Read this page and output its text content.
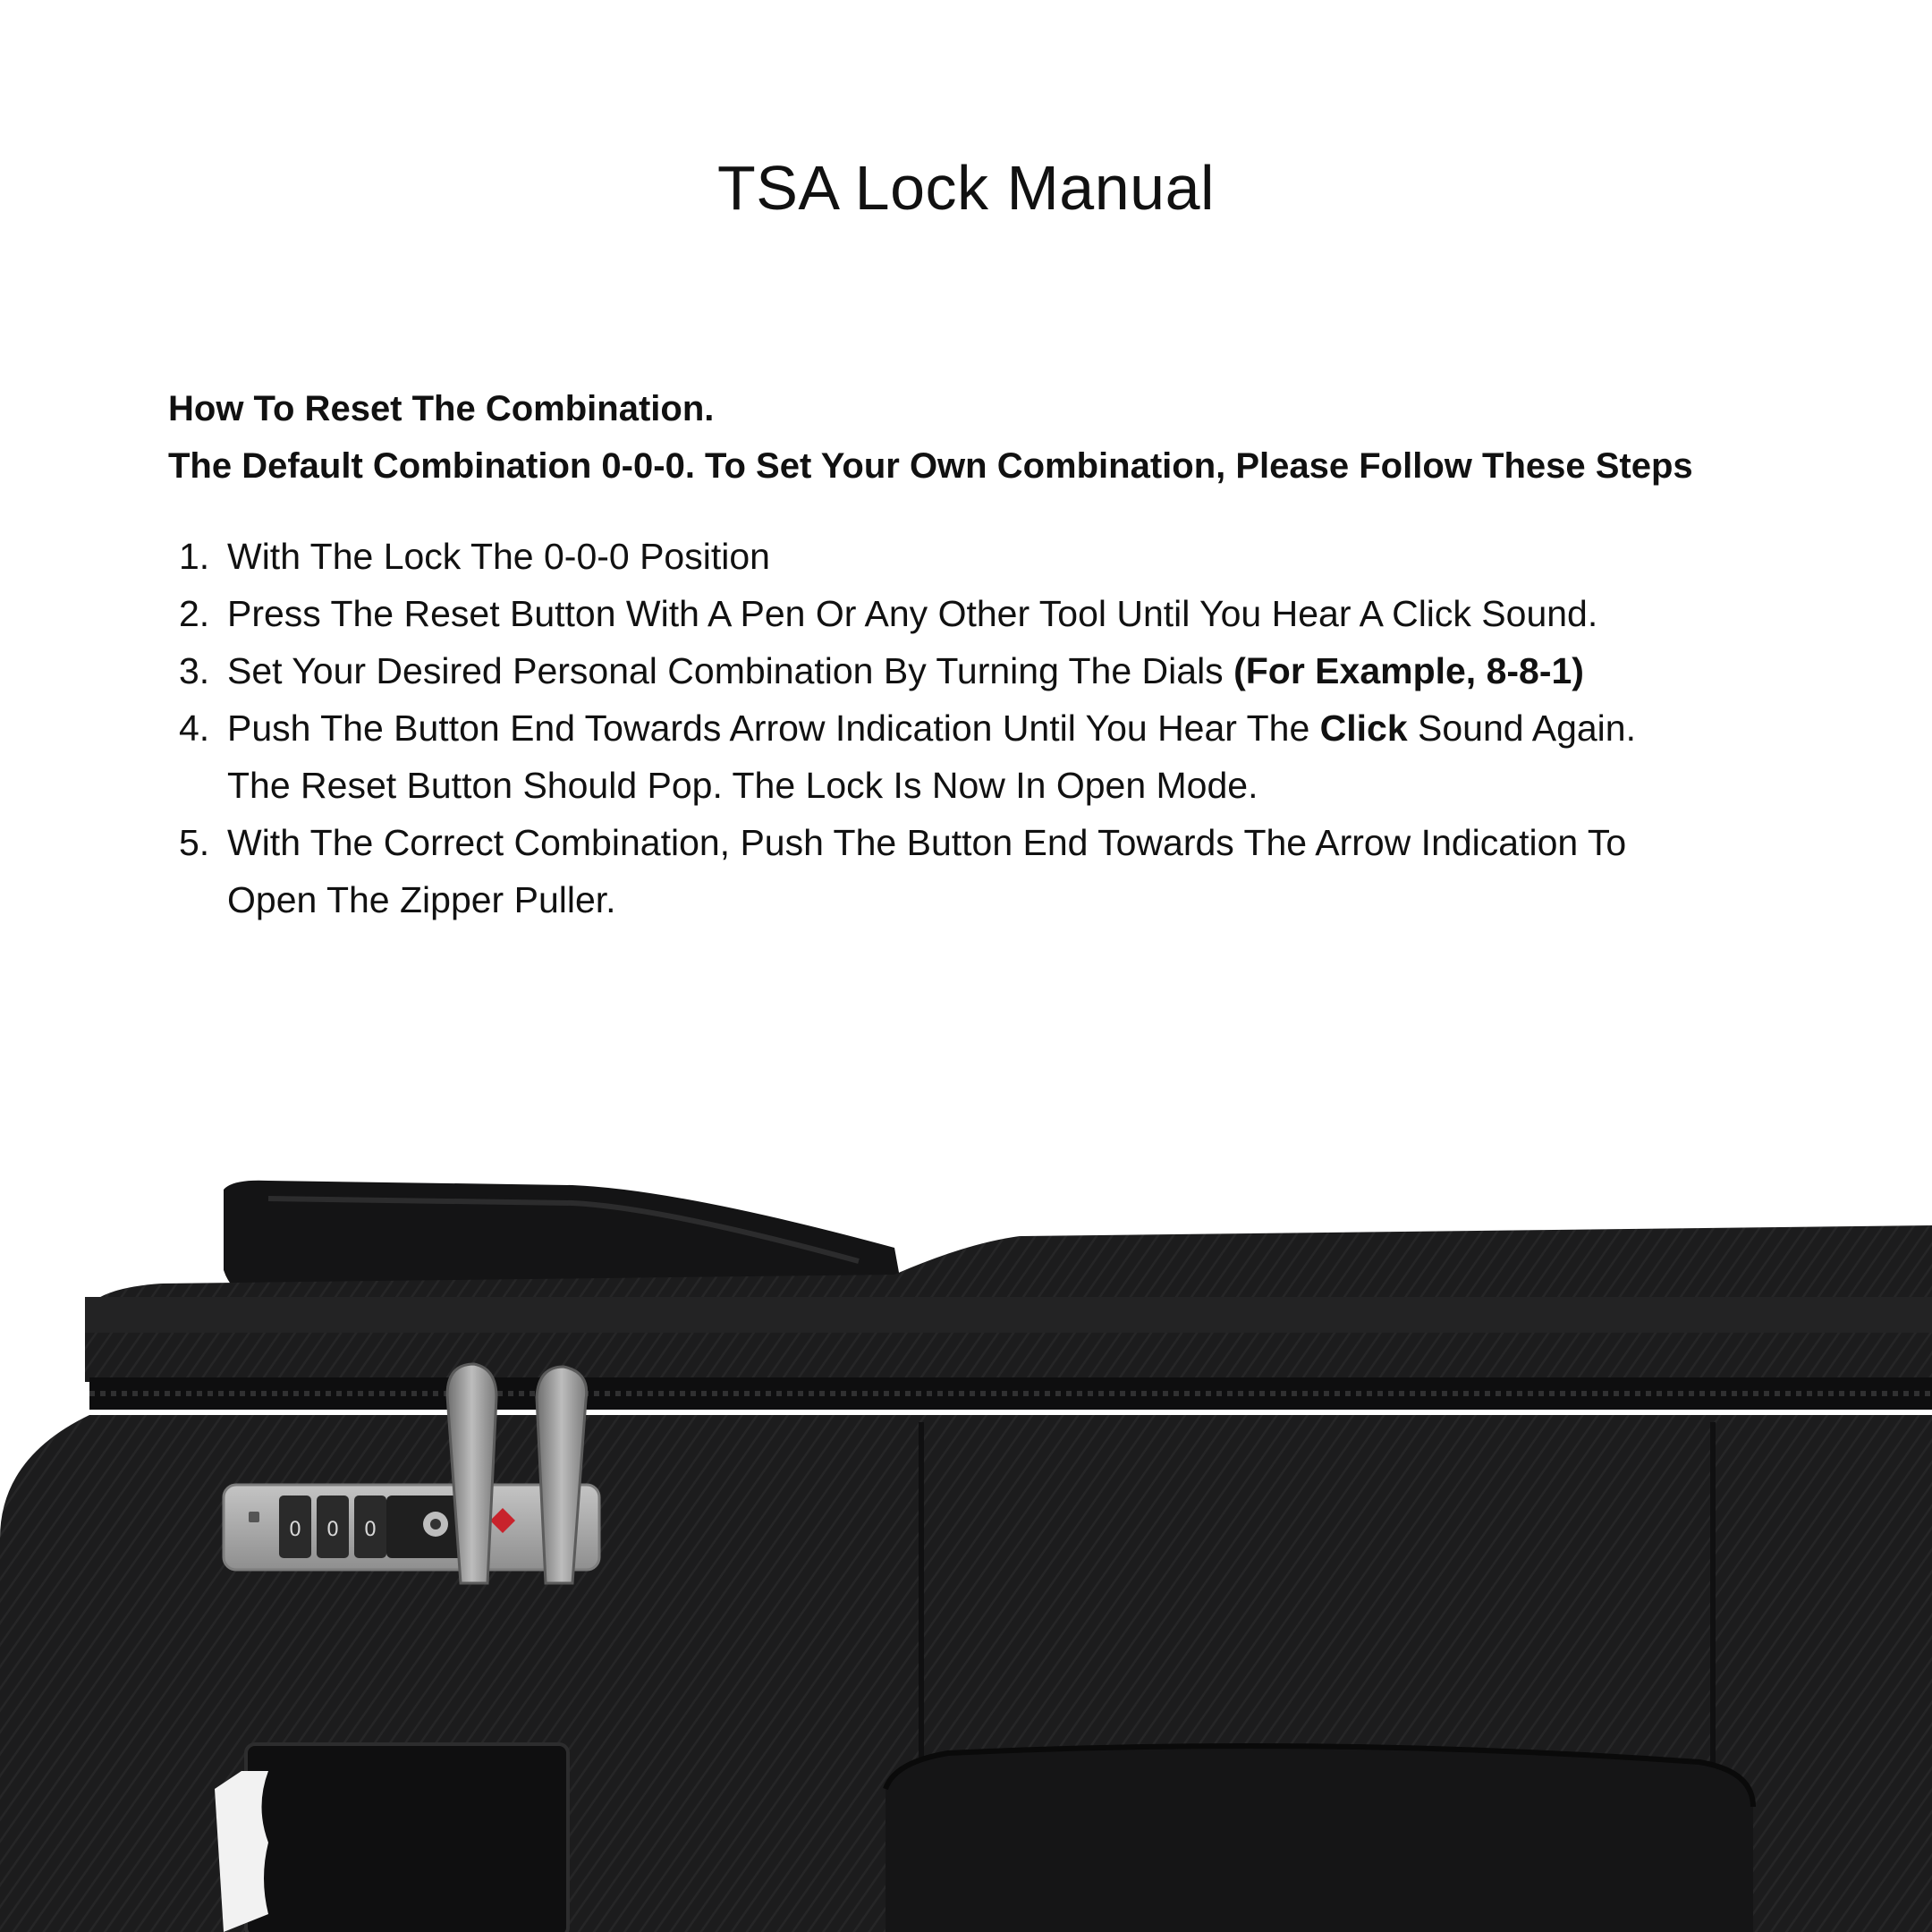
TSA Lock Manual
How To Reset The Combination.
The Default Combination 0-0-0. To Set Your Own Combination, Please Follow These Steps
1. With The Lock The 0-0-0 Position
2. Press The Reset Button With A Pen Or Any Other Tool Until You Hear A Click Sound.
3. Set Your Desired Personal Combination By Turning The Dials (For Example, 8-8-1)
4. Push The Button End Towards Arrow Indication Until You Hear The Click Sound Again.
The Reset Button Should Pop. The Lock Is Now In Open Mode.
5. With The Correct Combination, Push The Button End Towards The Arrow Indication To
Open The Zipper Puller.
0 0 0
